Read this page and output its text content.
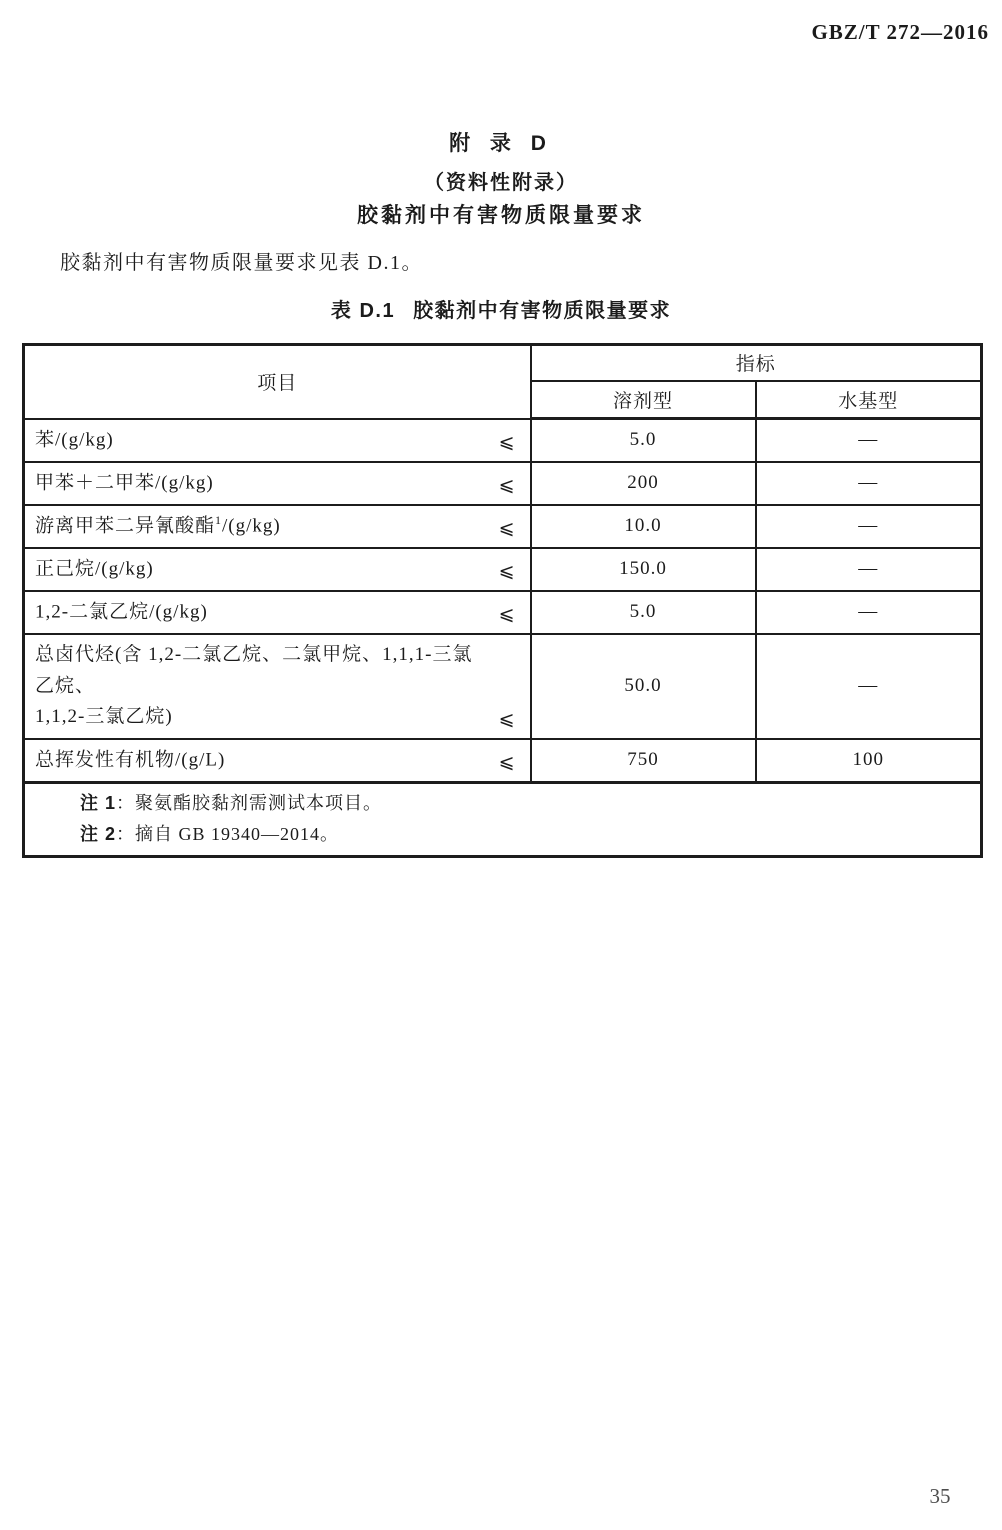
GBZ/T 272—2016
附 录 D
（资料性附录）
胶黏剂中有害物质限量要求
胶黏剂中有害物质限量要求见表 D.1。
表 D.1 胶黏剂中有害物质限量要求
项目	指标	
	溶剂型	水基型

苯/(g/kg) ⩽	5.0	—

甲苯＋二甲苯/(g/kg) ⩽	200	—

游离甲苯二异氰酸酯$^1$/(g/kg) ⩽	10.0	—

正己烷/(g/kg) ⩽	150.0	—

1,2-二氯乙烷/(g/kg) ⩽	5.0	—

总卤代烃(含 1,2-二氯乙烷、二氯甲烷、1,1,1-三氯乙烷、
1,1,2-三氯乙烷) ⩽	50.0	—

总挥发性有机物/(g/L) ⩽	750	100

注 1：聚氨酯胶黏剂需测试本项目。
注 2：摘自 GB 19340—2014。		
35
